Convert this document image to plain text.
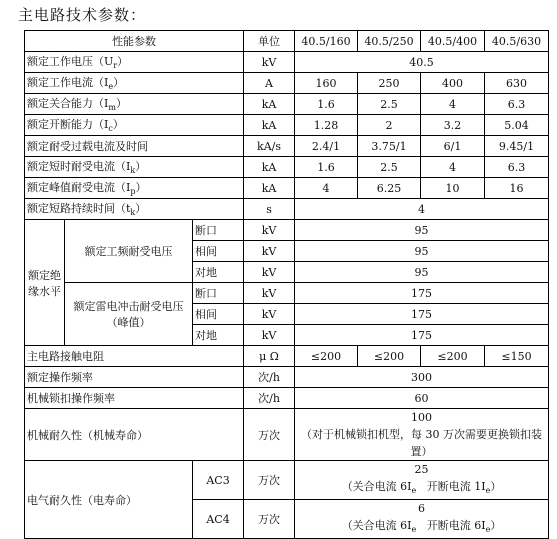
主电路技术参数：
性能参数			单位	40.5/160	40.5/250	40.5/400	40.5/630
额定工作电压$(U_r)$			kV	40.5			
额定工作电流$(I_e)$			A	160	250	400	630
额定关合能力$(I_m)$			kA	1.6	2.5	4	6.3
额定开断能力$(I_c)$			kA	1.28	2	3.2	5.04
额定耐受过载电流及时间			kA/s	2.4/1	3.75/1	6/1	9.45/1
额定短时耐受电流$(I_k)$			kA	1.6	2.5	4	6.3
额定峰值耐受电流$(I_p)$			kA	4	6.25	10	16
额定短路持续时间$(t_k)$			s	4			
额定绝缘水平	额定工频耐受电压	断口	kV	95			
		相间	kV	95			
		对地	kV	95			
	额定雷电冲击耐受电压（峰值）	断口	kV	175			
		相间	kV	175			
		对地	kV	175			
主电路接触电阻			μ Ω	≤200	≤200	≤200	≤150
额定操作频率			次/h	300			
机械锁扣操作频率			次/h	60			
机械耐久性（机械寿命）			万次	100
（对于机械锁扣机型，每 30 万次需要更换锁扣装置）			

电气耐久性（电寿命）		AC3	万次	25
（关合电流 $6I_e$   开断电流 $1I_e$）			

		AC4	万次	6
（关合电流 $6I_e$   开断电流 $6I_e$）			
